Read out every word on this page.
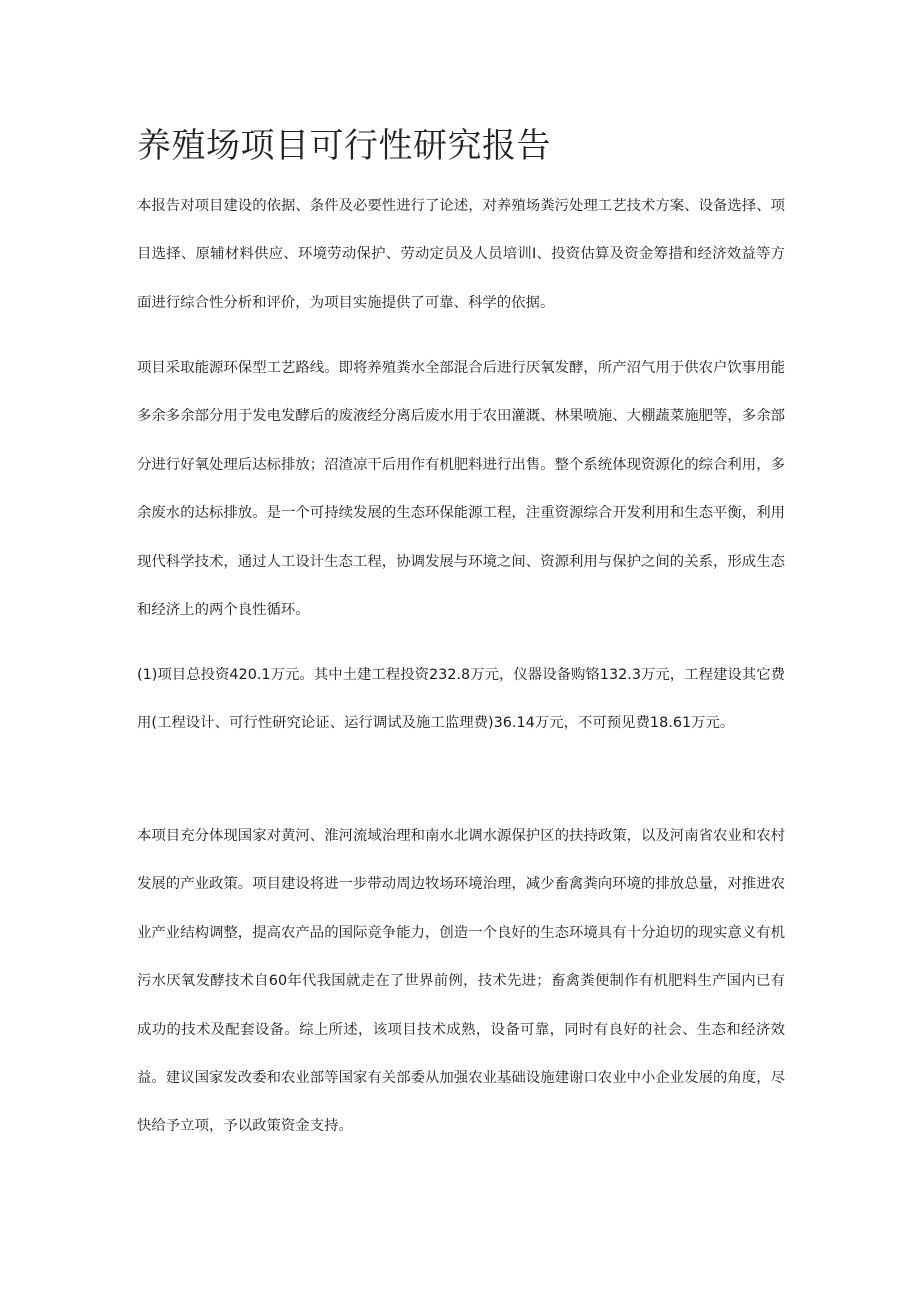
养殖场项目可行性研究报告

本报告对项目建设的依据、条件及必要性进行了论述，对养殖场粪污处理工艺技术方案、设备选择、项目选择、原辅材料供应、环境劳动保护、劳动定员及人员培训I、投资估算及资金筹措和经济效益等方面进行综合性分析和评价，为项目实施提供了可靠、科学的依据。

项目采取能源环保型工艺路线。即将养殖粪水全部混合后进行厌氧发酵，所产沼气用于供农户饮事用能多余多余部分用于发电发酵后的废液经分离后废水用于农田灌溉、林果喷施、大棚蔬菜施肥等，多余部分进行好氧处理后达标排放；沼渣凉干后用作有机肥料进行出售。整个系统体现资源化的综合利用，多余废水的达标排放。是一个可持续发展的生态环保能源工程，注重资源综合开发利用和生态平衡，利用现代科学技术，通过人工设计生态工程，协调发展与环境之间、资源利用与保护之间的关系，形成生态和经济上的两个良性循环。

(1)项目总投资420.1万元。其中土建工程投资232.8万元，仪器设备购铬132.3万元，工程建设其它费用(工程设计、可行性研究论证、运行调试及施工监理费)36.14万元，不可预见费18.61万元。

本项目充分体现国家对黄河、淮河流域治理和南水北调水源保护区的扶持政策，以及河南省农业和农村发展的产业政策。项目建设将进一步带动周边牧场环境治理，减少畜禽粪向环境的排放总量，对推进农业产业结构调整，提高农产品的国际竞争能力，创造一个良好的生态环境具有十分迫切的现实意义有机污水厌氧发酵技术自60年代我国就走在了世界前例，技术先进；畜禽粪便制作有机肥料生产国内已有成功的技术及配套设备。综上所述，该项目技术成熟，设备可靠，同时有良好的社会、生态和经济效益。建议国家发改委和农业部等国家有关部委从加强农业基础设施建谢口农业中小企业发展的角度，尽快给予立项，予以政策资金支持。
